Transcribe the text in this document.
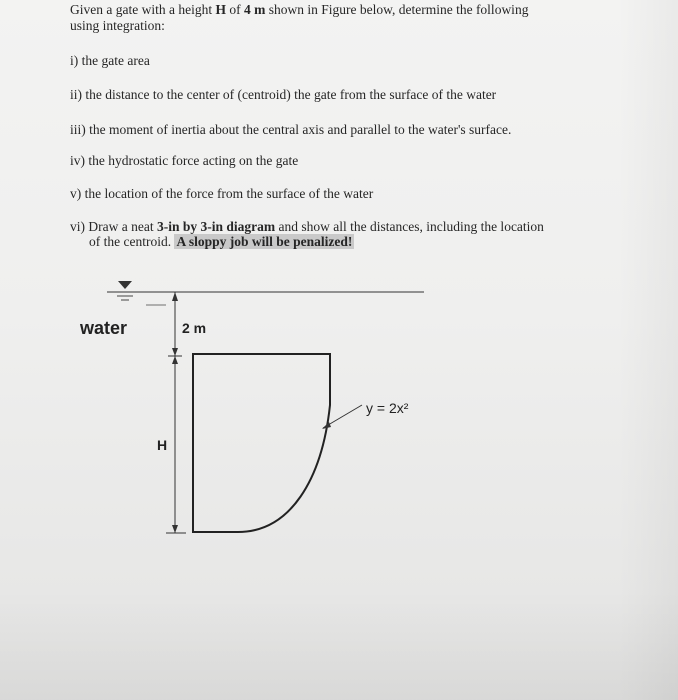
Given a gate with a height H of 4 m shown in Figure below, determine the following
using integration:
i) the gate area
ii) the distance to the center of (centroid) the gate from the surface of the water
iii) the moment of inertia about the central axis and parallel to the water's surface.
iv) the hydrostatic force acting on the gate
v) the location of the force from the surface of the water
vi) Draw a neat 3-in by 3-in diagram and show all the distances, including the location
of the centroid. A sloppy job will be penalized!
water	2 m
H
y = 2x²
